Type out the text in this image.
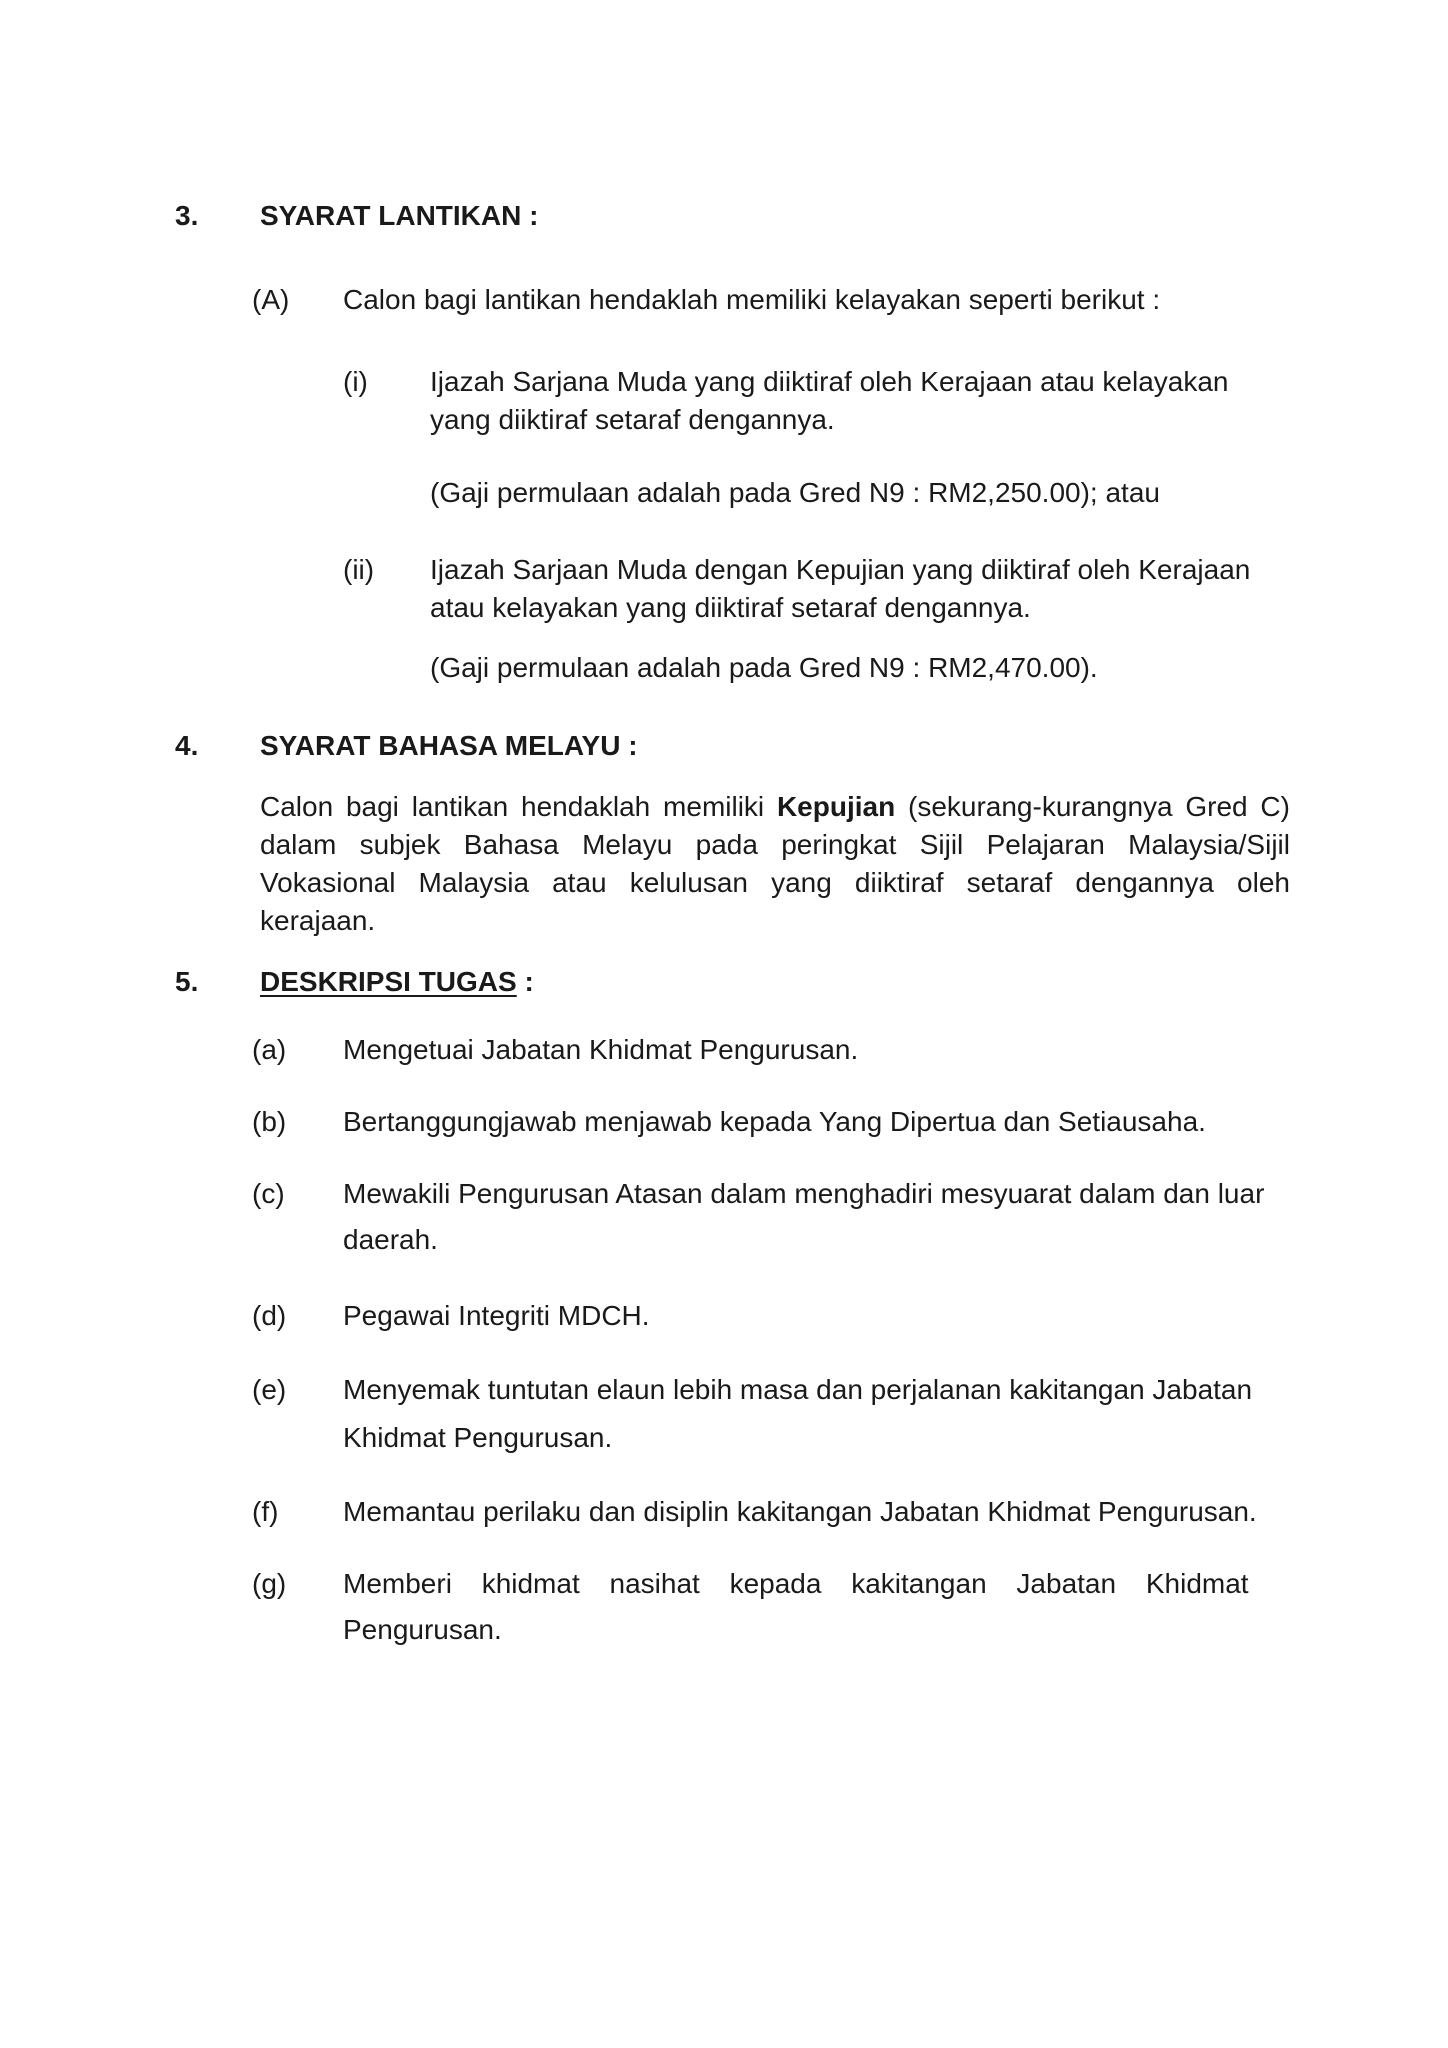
3. SYARAT LANTIKAN :
(A) Calon bagi lantikan hendaklah memiliki kelayakan seperti berikut :
(i) Ijazah Sarjana Muda yang diiktiraf oleh Kerajaan atau kelayakan
yang diiktiraf setaraf dengannya.
(Gaji permulaan adalah pada Gred N9 : RM2,250.00); atau
(ii) Ijazah Sarjaan Muda dengan Kepujian yang diiktiraf oleh Kerajaan
atau kelayakan yang diiktiraf setaraf dengannya.
(Gaji permulaan adalah pada Gred N9 : RM2,470.00).
4. SYARAT BAHASA MELAYU :
Calon bagi lantikan hendaklah memiliki Kepujian (sekurang-kurangnya Gred C) dalam subjek Bahasa Melayu pada peringkat Sijil Pelajaran Malaysia/Sijil Vokasional Malaysia atau kelulusan yang diiktiraf setaraf dengannya oleh kerajaan.
5. DESKRIPSI TUGAS :
(a) Mengetuai Jabatan Khidmat Pengurusan.
(b) Bertanggungjawab menjawab kepada Yang Dipertua dan Setiausaha.
(c) Mewakili Pengurusan Atasan dalam menghadiri mesyuarat dalam dan luar
daerah.
(d) Pegawai Integriti MDCH.
(e) Menyemak tuntutan elaun lebih masa dan perjalanan kakitangan Jabatan
Khidmat Pengurusan.
(f) Memantau perilaku dan disiplin kakitangan Jabatan Khidmat Pengurusan.
(g) Memberi khidmat nasihat kepada kakitangan Jabatan Khidmat
Pengurusan.
